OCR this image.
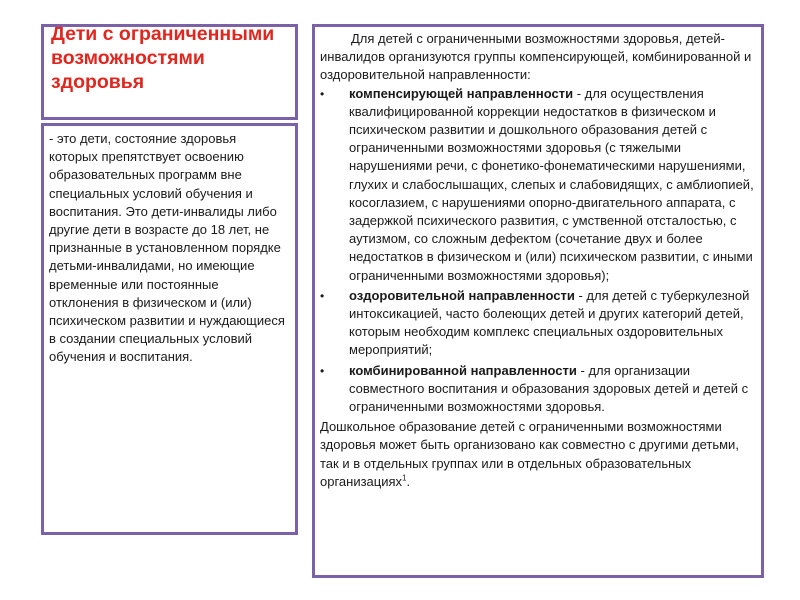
Дети с ограниченными возможностями здоровья

- это дети, состояние здоровья которых препятствует освоению образовательных программ вне специальных условий обучения и воспитания. Это дети-инвалиды либо другие дети в возрасте до 18 лет, не признанные в установленном порядке детьми-инвалидами, но имеющие временные или постоянные отклонения в физическом и (или) психическом развитии и нуждающиеся в создании специальных условий обучения и воспитания.

Для детей с ограниченными возможностями здоровья, детей-инвалидов организуются группы компенсирующей, комбинированной и оздоровительной направленности:

• компенсирующей направленности - для осуществления квалифицированной коррекции недостатков в физическом и психическом развитии и дошкольного образования детей с ограниченными возможностями здоровья (с тяжелыми нарушениями речи, с фонетико-фонематическими нарушениями, глухих и слабослышащих, слепых и слабовидящих, с амблиопией, косоглазием, с нарушениями опорно-двигательного аппарата, с задержкой психического развития, с умственной отсталостью, с аутизмом, со сложным дефектом (сочетание двух и более недостатков в физическом и (или) психическом развитии, с иными ограниченными возможностями здоровья);
• оздоровительной направленности - для детей с туберкулезной интоксикацией, часто болеющих детей и других категорий детей, которым необходим комплекс специальных оздоровительных мероприятий;
• комбинированной направленности - для организации совместного воспитания и образования здоровых детей и детей с ограниченными возможностями здоровья.

Дошкольное образование детей с ограниченными возможностями здоровья может быть организовано как совместно с другими детьми, так и в отдельных группах или в отдельных образовательных организациях$^1$.
